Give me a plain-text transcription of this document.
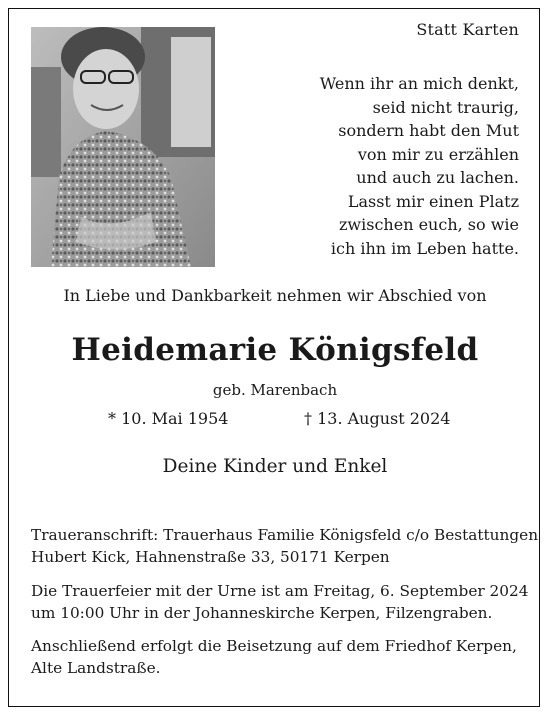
Statt Karten
Wenn ihr an mich denkt,
seid nicht traurig,
sondern habt den Mut
von mir zu erzählen
und auch zu lachen.
Lasst mir einen Platz
zwischen euch, so wie
ich ihn im Leben hatte.
In Liebe und Dankbarkeit nehmen wir Abschied von
Heidemarie Königsfeld
geb. Marenbach
* 10. Mai 1954	† 13. August 2024
Deine Kinder und Enkel
Traueranschrift: Trauerhaus Familie Königsfeld c/o Bestattungen
Hubert Kick, Hahnenstraße 33, 50171 Kerpen
Die Trauerfeier mit der Urne ist am Freitag, 6. September 2024
um 10:00 Uhr in der Johanneskirche Kerpen, Filzengraben.
Anschließend erfolgt die Beisetzung auf dem Friedhof Kerpen,
Alte Landstraße.
